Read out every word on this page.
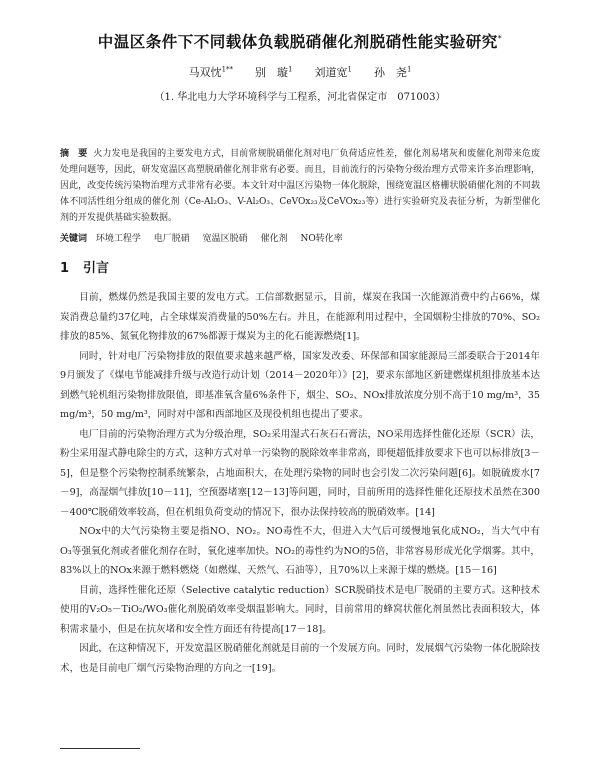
中温区条件下不同载体负载脱硝催化剂脱硝性能实验研究*
马双忱$^{1**}$ 别　璇$^1$ 刘道宽$^1$ 孙　尧$^1$
（1. 华北电力大学环境科学与工程系，河北省保定市　071003）
摘　要 火力发电是我国的主要发电方式，目前常规脱硝催化剂对电厂负荷适应性差，催化剂易堵灰和废催化剂带来危废处理问题等，因此，研发宽温区高塑脱硝催化剂非常有必要。而且，目前流行的污染物分级治理方式带来许多治理影响，因此，改变传统污染物治理方式非常有必要。本文针对中温区污染物一体化脱除，围绕宽温区格栅状脱硝催化剂的不同载体不同活性组分组成的催化剂（Ce-Al₂O₃、V-Al₂O₃、CeVOx₂₃及CeVOx₂₃等）进行实验研究及表征分析，为新型催化剂的开发提供基础实验数据。
关键词 环境工程学 电厂脱硝 宽温区脱硝 催化剂 NO转化率
1 引言

目前，燃煤仍然是我国主要的发电方式。工信部数据显示，目前，煤炭在我国一次能源消费中约占66%，煤炭消费总量约37亿吨，占全球煤炭消费量的50%左右。并且，在能源利用过程中，全国烟粉尘排放的70%、SO₂排放的85%、氮氧化物排放的67%都源于煤炭为主的化石能源燃烧[1]。

同时，针对电厂污染物排放的限值要求越来越严格，国家发改委、环保部和国家能源局三部委联合于2014年9月颁发了《煤电节能减排升级与改造行动计划（2014－2020年）》[2]，要求东部地区新建燃煤机组排放基本达到燃气轮机组污染物排放限值，即基准氧含量6%条件下，烟尘、SO₂、NOx排放浓度分别不高于10 mg/m³，35 mg/m³，50 mg/m³，同时对中部和西部地区及现役机组也提出了要求。

电厂目前的污染物治理方式为分级治理，SO₂采用湿式石灰石石膏法，NO采用选择性催化还原（SCR）法，粉尘采用湿式静电除尘的方式，这种方式对单一污染物的脱除效率非常高，即便超低排放要求下也可以标排放[3－5]，但是整个污染物控制系统繁杂，占地面积大，在处理污染物的同时也会引发二次污染问题[6]。如脱硫废水[7－9]，高湿烟气排放[10－11]，空预器堵塞[12－13]等问题，同时，目前所用的选择性催化还原技术虽然在300－400℃脱硝效率较高，但在机组负荷变动的情况下，很办法保持较高的脱硝效率。[14]

NOx中的大气污染物主要是指NO、NO₂。NO毒性不大，但进入大气后可缓慢地氧化成NO₂，当大气中有O₃等强氧化剂或者催化剂存在时，氧化速率加快。NO₂的毒性约为NO的5倍，非常容易形成光化学烟雾。其中，83%以上的NOx来源于燃料燃烧（如燃煤、天然气、石油等），且70%以上来源于煤的燃烧。[15－16]

目前，选择性催化还原（Selective catalytic reduction）SCR脱硝技术是电厂脱硝的主要方式。这种技术使用的V₂O₅－TiO₂/WO₃催化剂脱硝效率受烟温影响大。同时，目前常用的蜂窝状催化剂虽然比表面积较大，体积需求量小，但是在抗灰堵和安全性方面还有待提高[17－18]。

因此，在这种情况下，开发宽温区脱硝催化剂就是目前的一个发展方向。同时，发展烟气污染物一体化脱除技术，也是目前电厂烟气污染物治理的方向之一[19]。
